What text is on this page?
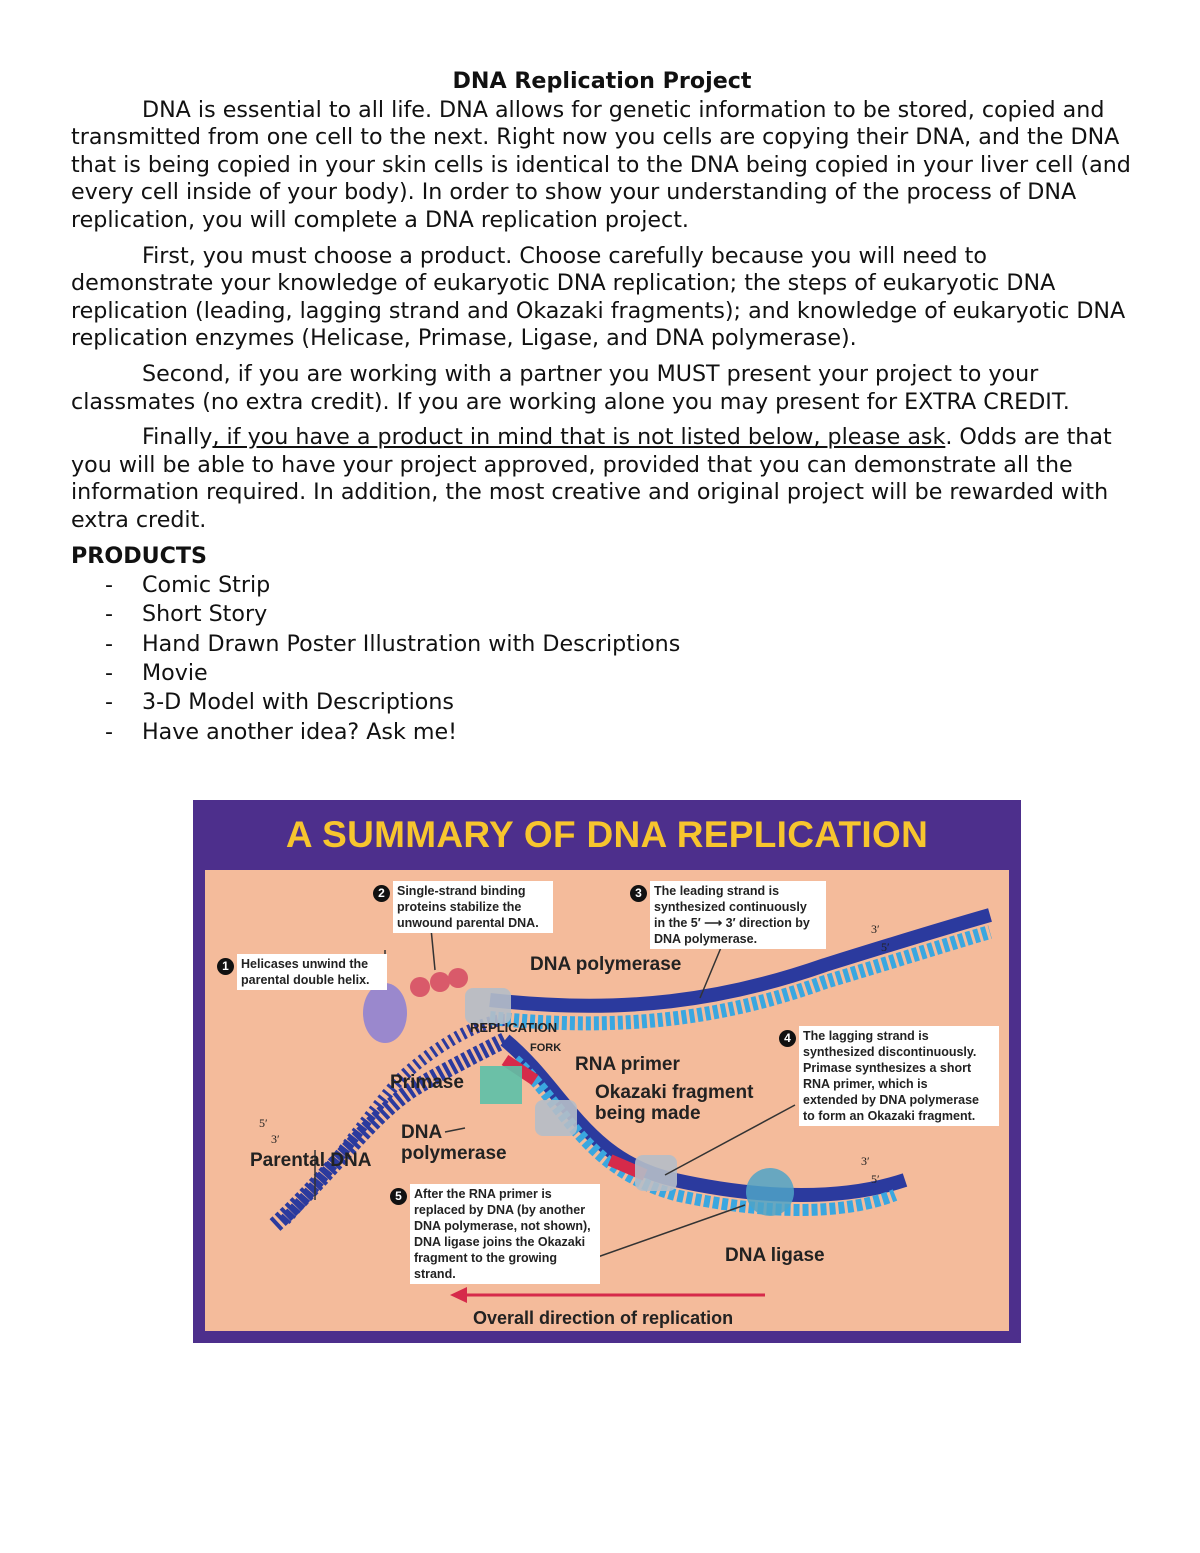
DNA Replication Project

DNA is essential to all life. DNA allows for genetic information to be stored, copied and transmitted from one cell to the next. Right now you cells are copying their DNA, and the DNA that is being copied in your skin cells is identical to the DNA being copied in your liver cell (and every cell inside of your body). In order to show your understanding of the process of DNA replication, you will complete a DNA replication project.

First, you must choose a product. Choose carefully because you will need to demonstrate your knowledge of eukaryotic DNA replication; the steps of eukaryotic DNA replication (leading, lagging strand and Okazaki fragments); and knowledge of eukaryotic DNA replication enzymes (Helicase, Primase, Ligase, and DNA polymerase).

Second, if you are working with a partner you MUST present your project to your classmates (no extra credit). If you are working alone you may present for EXTRA CREDIT.

Finally, if you have a product in mind that is not listed below, please ask. Odds are that you will be able to have your project approved, provided that you can demonstrate all the information required. In addition, the most creative and original project will be rewarded with extra credit.

PRODUCTS
- Comic Strip
- Short Story
- Hand Drawn Poster Illustration with Descriptions
- Movie
- 3-D Model with Descriptions
- Have another idea? Ask me!
A SUMMARY OF DNA REPLICATION
1 Helicases unwind the
parental double helix.
2 Single-strand binding
proteins stabilize the
unwound parental DNA.
3 The leading strand is
synthesized continuously
in the 5′ ⟶ 3′ direction by
DNA polymerase.
4 The lagging strand is
synthesized discontinuously.
Primase synthesizes a short
RNA primer, which is
extended by DNA polymerase
to form an Okazaki fragment.
5 After the RNA primer is
replaced by DNA (by another
DNA polymerase, not shown),
DNA ligase joins the Okazaki
fragment to the growing
strand.
DNA polymerase
REPLICATION
FORK
RNA primer
Primase	Okazaki fragment
being made
DNA
polymerase
Parental DNA
DNA ligase
Overall direction of replication
3′
5′
5′
3′
3′
5′
